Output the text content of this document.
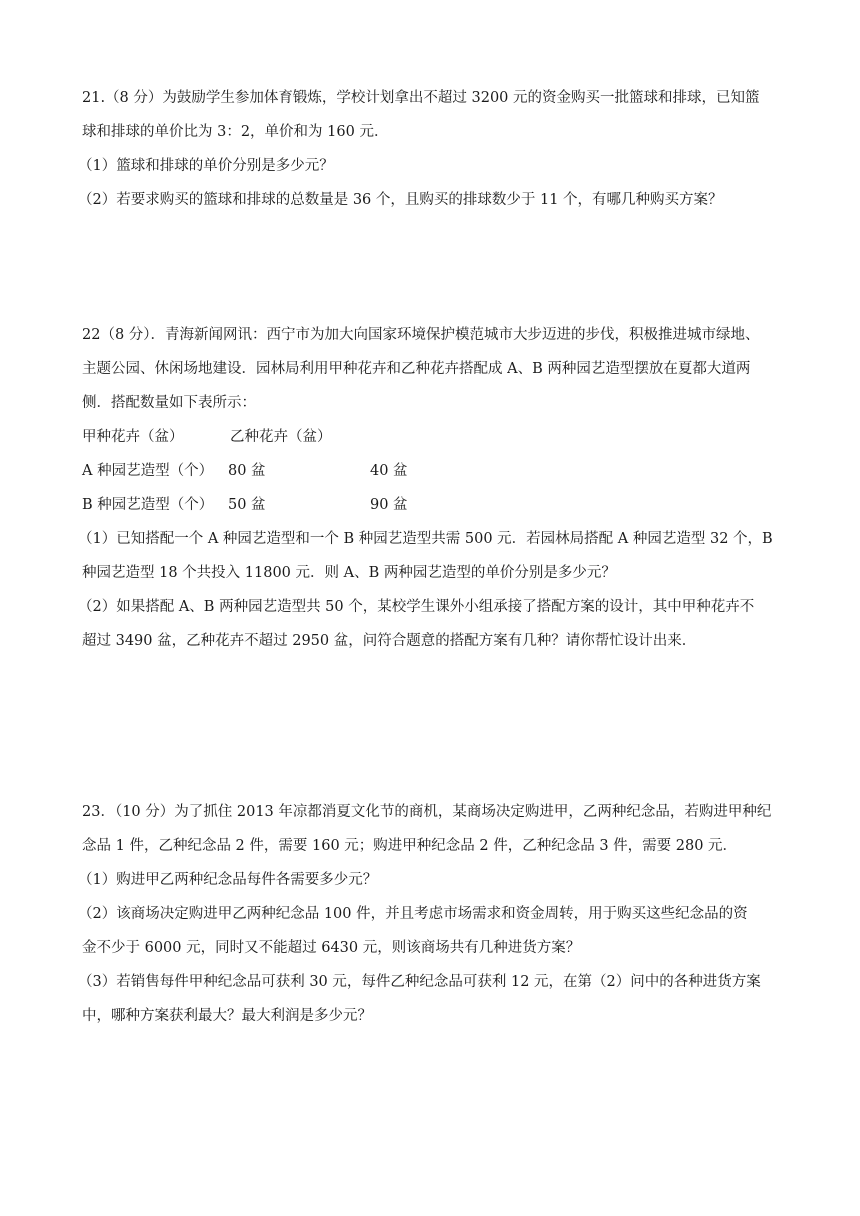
21.（8 分）为鼓励学生参加体育锻炼，学校计划拿出不超过 3200 元的资金购买一批篮球和排球，已知篮
球和排球的单价比为 3：2，单价和为 160 元．
（1）篮球和排球的单价分别是多少元？
（2）若要求购买的篮球和排球的总数量是 36 个，且购买的排球数少于 11 个，有哪几种购买方案？
22（8 分）．青海新闻网讯：西宁市为加大向国家环境保护模范城市大步迈进的步伐，积极推进城市绿地、
主题公园、休闲场地建设．园林局利用甲种花卉和乙种花卉搭配成 A、B 两种园艺造型摆放在夏都大道两
侧．搭配数量如下表所示：
甲种花卉（盆）	乙种花卉（盆）
A 种园艺造型（个） 80 盆	40 盆
B 种园艺造型（个） 50 盆	90 盆
（1）已知搭配一个 A 种园艺造型和一个 B 种园艺造型共需 500 元．若园林局搭配 A 种园艺造型 32 个，B
种园艺造型 18 个共投入 11800 元．则 A、B 两种园艺造型的单价分别是多少元？
（2）如果搭配 A、B 两种园艺造型共 50 个，某校学生课外小组承接了搭配方案的设计，其中甲种花卉不
超过 3490 盆，乙种花卉不超过 2950 盆，问符合题意的搭配方案有几种？请你帮忙设计出来．
23．（10 分）为了抓住 2013 年凉都消夏文化节的商机，某商场决定购进甲，乙两种纪念品，若购进甲种纪
念品 1 件，乙种纪念品 2 件，需要 160 元；购进甲种纪念品 2 件，乙种纪念品 3 件，需要 280 元．
（1）购进甲乙两种纪念品每件各需要多少元？
（2）该商场决定购进甲乙两种纪念品 100 件，并且考虑市场需求和资金周转，用于购买这些纪念品的资
金不少于 6000 元，同时又不能超过 6430 元，则该商场共有几种进货方案？
（3）若销售每件甲种纪念品可获利 30 元，每件乙种纪念品可获利 12 元，在第（2）问中的各种进货方案
中，哪种方案获利最大？最大利润是多少元？
